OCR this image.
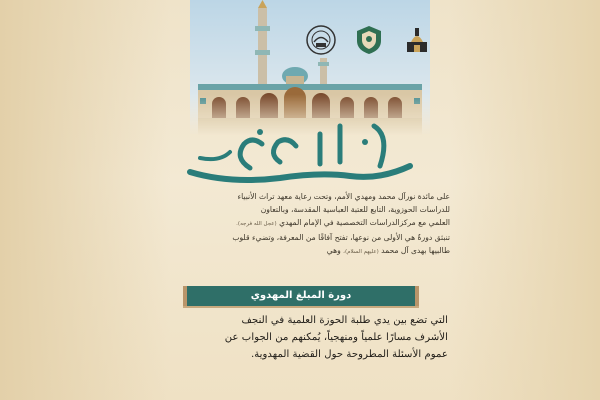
على مائدة نورآل محمد ومهدي الأمم، وتحت رعاية معهد تراث الأنبياء

للدراسات الحوزوية، التابع للعتبة العباسية المقدسة، وبالتعاون

العلمي مع مركزالدراسات التخصصية في الإمام المهدي (عجل الله فرجه).

تنبثق دورةٌ هي الأولى من نوعها، تفتح آفاقًا من المعرفة، وتضيء قلوب

طالبيها بهدى آل محمد (عليهم السلام)، وهي

دورة المبلغ المهدوي

التي تضع بين يدي طلبة الحوزة العلمية في النجف

الأشرف مسارًا علمياً ومنهجياً، يُمكنهم من الجواب عن

عموم الأسئلة المطروحة حول القضية المهدوية.
